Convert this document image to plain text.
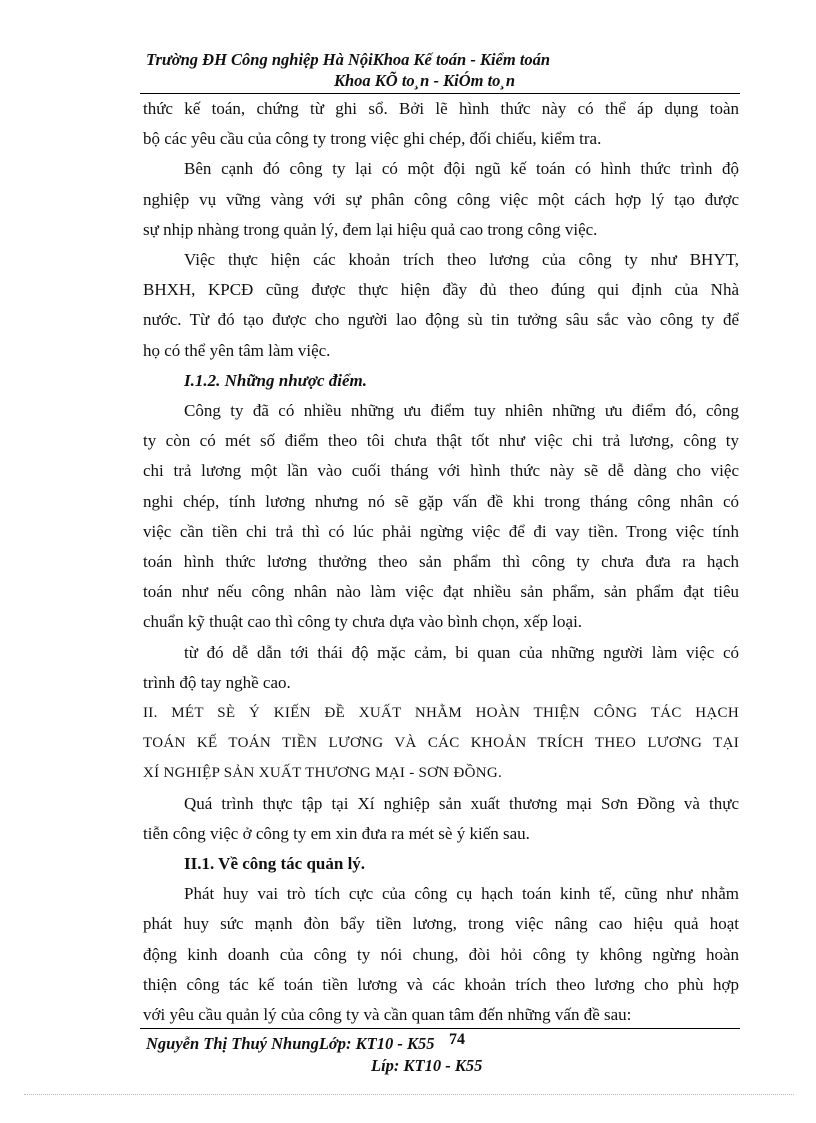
Trường ĐH Công nghiệp Hà NộiKhoa Kế toán - Kiểm toán
Khoa KÕ to¸n - KiÓm to¸n
thức kế toán, chứng từ ghi sổ. Bởi lẽ hình thức này có thể áp dụng toàn
bộ các yêu cầu của công ty trong việc ghi chép, đối chiếu, kiểm tra.
Bên cạnh đó công ty lại có một đội ngũ kế toán có hình thức trình độ
nghiệp vụ vững vàng với sự phân công công việc một cách hợp lý tạo được
sự nhịp nhàng trong quản lý, đem lại hiệu quả cao trong công việc.
Việc thực hiện các khoản trích theo lương của công ty như BHYT,
BHXH, KPCĐ cũng được thực hiện đầy đủ theo đúng qui định của Nhà
nước. Từ đó tạo được cho người lao động sù tin tưởng sâu sắc vào công ty để
họ có thể yên tâm làm việc.
I.1.2. Những nhược điểm.
Công ty đã có nhiều những ưu điểm tuy nhiên những ưu điểm đó, công
ty còn có mét số điểm theo tôi chưa thật tốt như việc chi trả lương, công ty
chi trả lương một lần vào cuối tháng với hình thức này sẽ dễ dàng cho việc
nghi chép, tính lương nhưng nó sẽ gặp vấn đề khi trong tháng công nhân có
việc cần tiền chi trả thì có lúc phải ngừng việc để đi vay tiền. Trong việc tính
toán hình thức lương thưởng theo sản phẩm thì công ty chưa đưa ra hạch
toán như nếu công nhân nào làm việc đạt nhiều sản phẩm, sản phẩm đạt tiêu
chuẩn kỹ thuật cao thì công ty chưa dựa vào bình chọn, xếp loại.
từ đó dễ dẫn tới thái độ mặc cảm, bi quan của những người làm việc có
trình độ tay nghề cao.
II. MÉT SÈ Ý KIẾN ĐỀ XUẤT NHẰM HOÀN THIỆN CÔNG TÁC HẠCH
TOÁN KẾ TOÁN TIỀN LƯƠNG VÀ CÁC KHOẢN TRÍCH THEO LƯƠNG TẠI
XÍ NGHIỆP SẢN XUẤT THƯƠNG MẠI - SƠN ĐỒNG.
Quá trình thực tập tại Xí nghiệp sản xuất thương mại Sơn Đồng và thực
tiễn công việc ở công ty em xin đưa ra mét sè ý kiến sau.
II.1. Về công tác quản lý.
Phát huy vai trò tích cực của công cụ hạch toán kinh tế, cũng như nhằm
phát huy sức mạnh đòn bẩy tiền lương, trong việc nâng cao hiệu quả hoạt
động kinh doanh của công ty nói chung, đòi hỏi công ty không ngừng hoàn
thiện công tác kế toán tiền lương và các khoản trích theo lương cho phù hợp
với yêu cầu quản lý của công ty và cần quan tâm đến những vấn đề sau:
Nguyễn Thị Thuý NhungLớp: KT10 - K55 74
Líp: KT10 - K55
